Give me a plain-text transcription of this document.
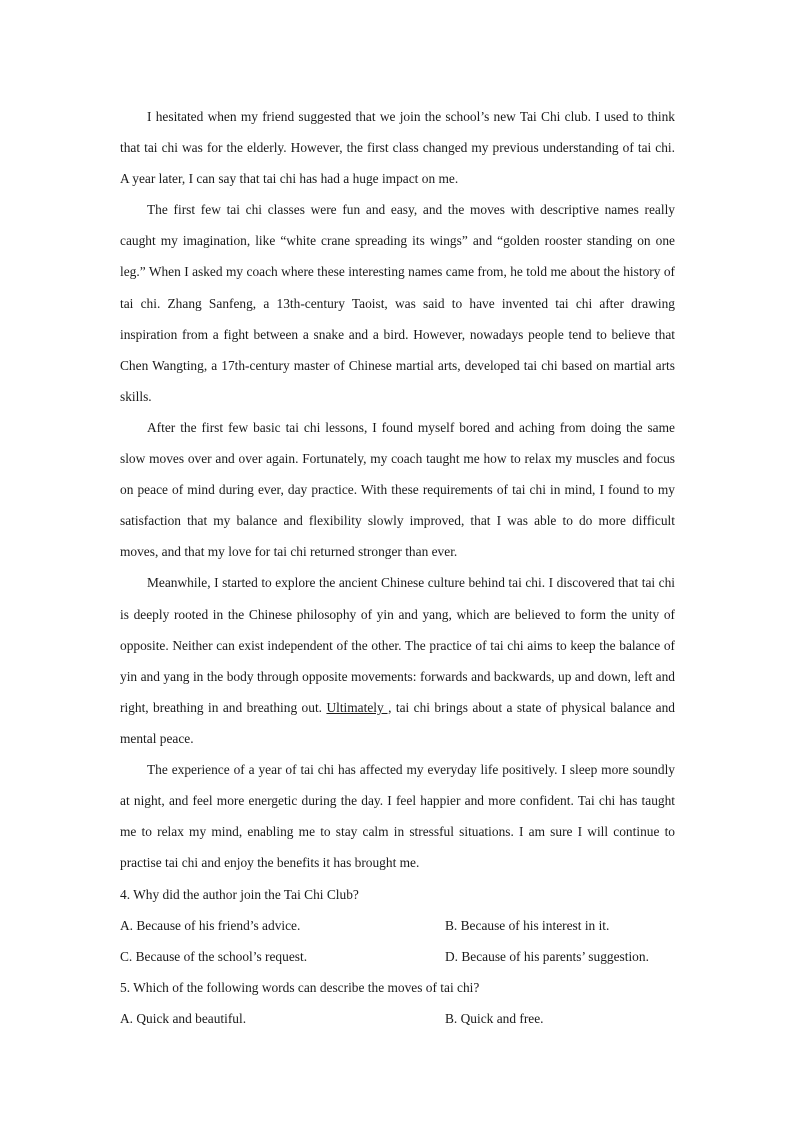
I hesitated when my friend suggested that we join the school’s new Tai Chi club. I used to think that tai chi was for the elderly. However, the first class changed my previous understanding of tai chi. A year later, I can say that tai chi has had a huge impact on me.

The first few tai chi classes were fun and easy, and the moves with descriptive names really caught my imagination, like “white crane spreading its wings” and “golden rooster standing on one leg.” When I asked my coach where these interesting names came from, he told me about the history of tai chi. Zhang Sanfeng, a 13th-century Taoist, was said to have invented tai chi after drawing inspiration from a fight between a snake and a bird. However, nowadays people tend to believe that Chen Wangting, a 17th-century master of Chinese martial arts, developed tai chi based on martial arts skills.

After the first few basic tai chi lessons, I found myself bored and aching from doing the same slow moves over and over again. Fortunately, my coach taught me how to relax my muscles and focus on peace of mind during ever, day practice. With these requirements of tai chi in mind, I found to my satisfaction that my balance and flexibility slowly improved, that I was able to do more difficult moves, and that my love for tai chi returned stronger than ever.

Meanwhile, I started to explore the ancient Chinese culture behind tai chi. I discovered that tai chi is deeply rooted in the Chinese philosophy of yin and yang, which are believed to form the unity of opposite. Neither can exist independent of the other. The practice of tai chi aims to keep the balance of yin and yang in the body through opposite movements: forwards and backwards, up and down, left and right, breathing in and breathing out. Ultimately , tai chi brings about a state of physical balance and mental peace.

The experience of a year of tai chi has affected my everyday life positively. I sleep more soundly at night, and feel more energetic during the day. I feel happier and more confident. Tai chi has taught me to relax my mind, enabling me to stay calm in stressful situations. I am sure I will continue to practise tai chi and enjoy the benefits it has brought me.

4. Why did the author join the Tai Chi Club?

A. Because of his friend’s advice.	B. Because of his interest in it.
C. Because of the school’s request.	D. Because of his parents’ suggestion.

5. Which of the following words can describe the moves of tai chi?

A. Quick and beautiful.	B. Quick and free.
